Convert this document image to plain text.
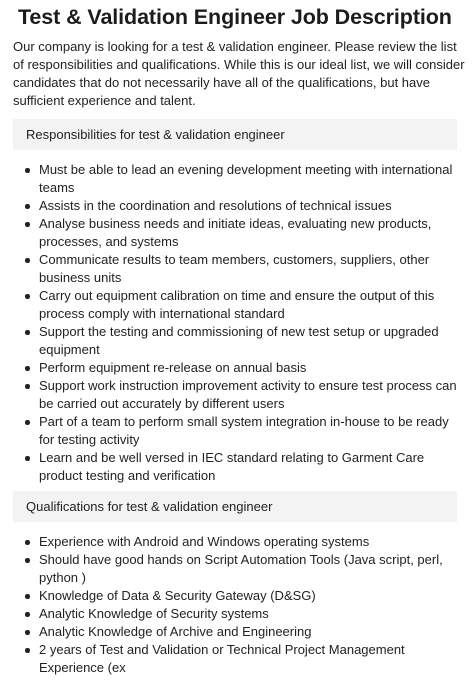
Test & Validation Engineer Job Description

Our company is looking for a test & validation engineer. Please review the list of responsibilities and qualifications. While this is our ideal list, we will consider candidates that do not necessarily have all of the qualifications, but have sufficient experience and talent.

Responsibilities for test & validation engineer
Must be able to lead an evening development meeting with international teams
Assists in the coordination and resolutions of technical issues
Analyse business needs and initiate ideas, evaluating new products, processes, and systems
Communicate results to team members, customers, suppliers, other business units
Carry out equipment calibration on time and ensure the output of this process comply with international standard
Support the testing and commissioning of new test setup or upgraded equipment
Perform equipment re-release on annual basis
Support work instruction improvement activity to ensure test process can be carried out accurately by different users
Part of a team to perform small system integration in-house to be ready for testing activity
Learn and be well versed in IEC standard relating to Garment Care product testing and verification
Qualifications for test & validation engineer
Experience with Android and Windows operating systems
Should have good hands on Script Automation Tools (Java script, perl, python )
Knowledge of Data & Security Gateway (D&SG)
Analytic Knowledge of Security systems
Analytic Knowledge of Archive and Engineering
2 years of Test and Validation or Technical Project Management Experience (ex
